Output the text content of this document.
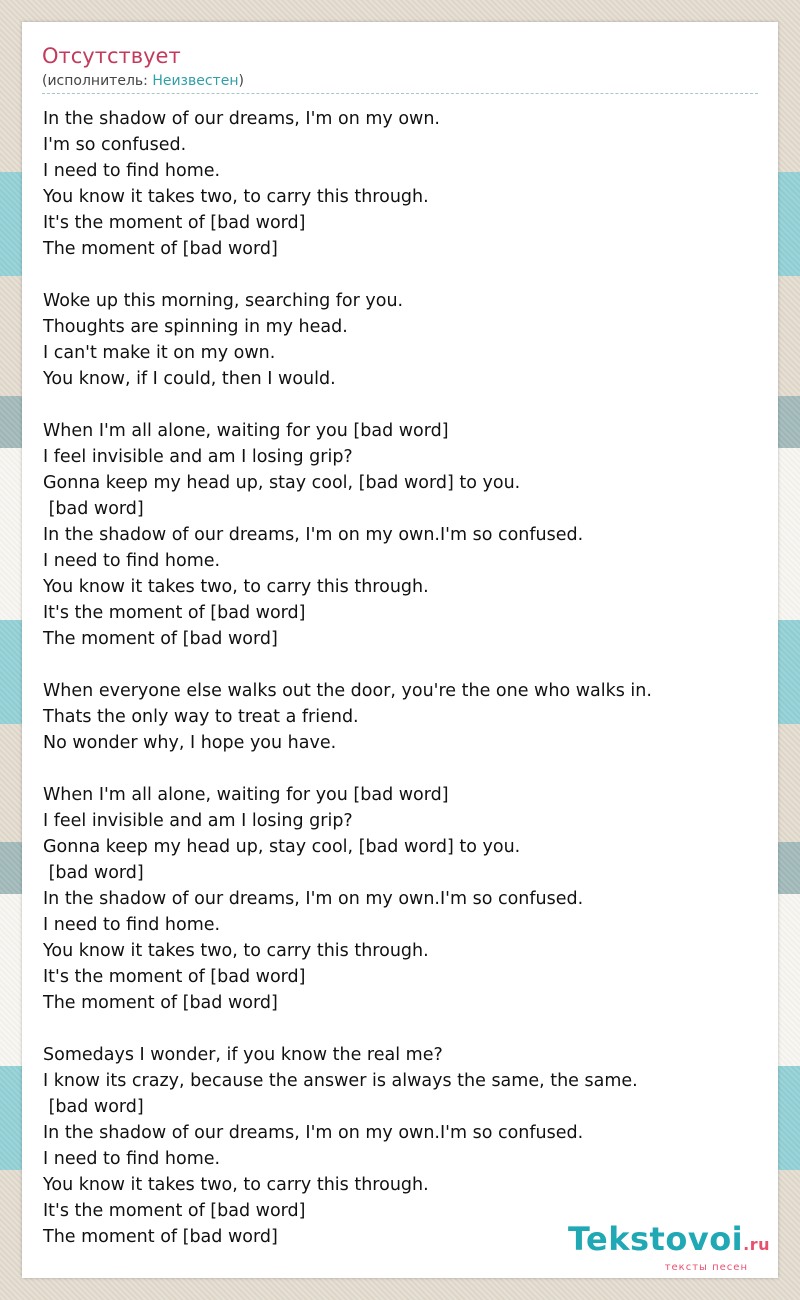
Отсутствует
(исполнитель: Неизвестен)
In the shadow of our dreams, I'm on my own.
I'm so confused.
I need to find home.
You know it takes two, to carry this through.
It's the moment of [bad word]
The moment of [bad word]

Woke up this morning, searching for you.
Thoughts are spinning in my head.
I can't make it on my own.
You know, if I could, then I would.

When I'm all alone, waiting for you [bad word]
I feel invisible and am I losing grip?
Gonna keep my head up, stay cool, [bad word] to you.
[bad word]
In the shadow of our dreams, I'm on my own.I'm so confused.
I need to find home.
You know it takes two, to carry this through.
It's the moment of [bad word]
The moment of [bad word]

When everyone else walks out the door, you're the one who walks in.
Thats the only way to treat a friend.
No wonder why, I hope you have.

When I'm all alone, waiting for you [bad word]
I feel invisible and am I losing grip?
Gonna keep my head up, stay cool, [bad word] to you.
[bad word]
In the shadow of our dreams, I'm on my own.I'm so confused.
I need to find home.
You know it takes two, to carry this through.
It's the moment of [bad word]
The moment of [bad word]

Somedays I wonder, if you know the real me?
I know its crazy, because the answer is always the same, the same.
[bad word]
In the shadow of our dreams, I'm on my own.I'm so confused.
I need to find home.
You know it takes two, to carry this through.
It's the moment of [bad word]
The moment of [bad word]	Tekstovoi.ru
тексты песен
